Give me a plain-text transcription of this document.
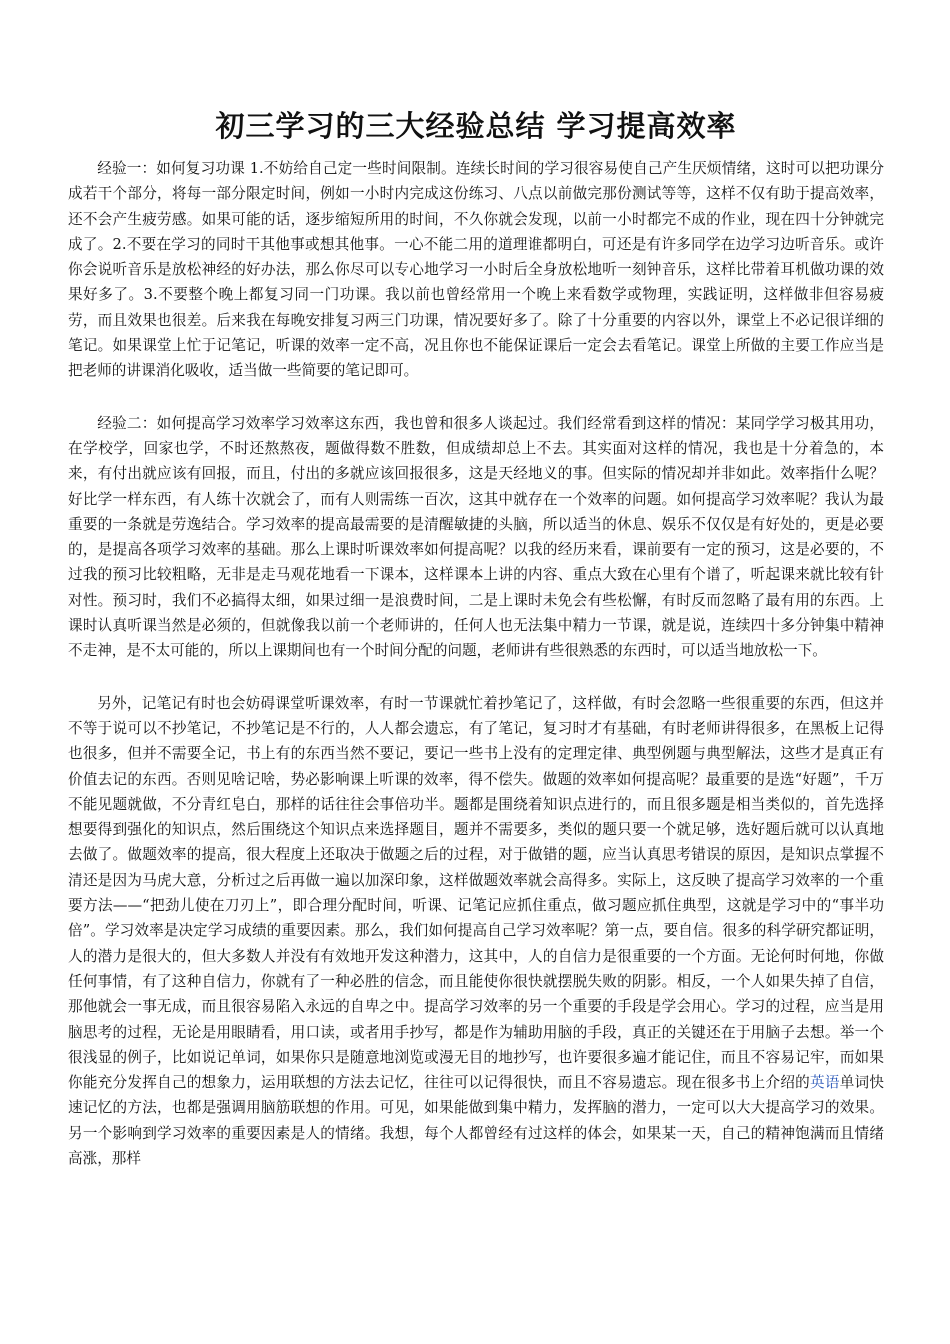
初三学习的三大经验总结 学习提高效率

经验一：如何复习功课 1.不妨给自己定一些时间限制。连续长时间的学习很容易使自己产生厌烦情绪，这时可以把功课分成若干个部分，将每一部分限定时间，例如一小时内完成这份练习、八点以前做完那份测试等等，这样不仅有助于提高效率，还不会产生疲劳感。如果可能的话，逐步缩短所用的时间，不久你就会发现，以前一小时都完不成的作业，现在四十分钟就完成了。2.不要在学习的同时干其他事或想其他事。一心不能二用的道理谁都明白，可还是有许多同学在边学习边听音乐。或许你会说听音乐是放松神经的好办法，那么你尽可以专心地学习一小时后全身放松地听一刻钟音乐，这样比带着耳机做功课的效果好多了。3.不要整个晚上都复习同一门功课。我以前也曾经常用一个晚上来看数学或物理，实践证明，这样做非但容易疲劳，而且效果也很差。后来我在每晚安排复习两三门功课，情况要好多了。除了十分重要的内容以外，课堂上不必记很详细的笔记。如果课堂上忙于记笔记，听课的效率一定不高，况且你也不能保证课后一定会去看笔记。课堂上所做的主要工作应当是把老师的讲课消化吸收，适当做一些简要的笔记即可。

经验二：如何提高学习效率学习效率这东西，我也曾和很多人谈起过。我们经常看到这样的情况：某同学学习极其用功，在学校学，回家也学，不时还熬熬夜，题做得数不胜数，但成绩却总上不去。其实面对这样的情况，我也是十分着急的，本来，有付出就应该有回报，而且，付出的多就应该回报很多，这是天经地义的事。但实际的情况却并非如此。效率指什么呢？好比学一样东西，有人练十次就会了，而有人则需练一百次，这其中就存在一个效率的问题。如何提高学习效率呢？我认为最重要的一条就是劳逸结合。学习效率的提高最需要的是清醒敏捷的头脑，所以适当的休息、娱乐不仅仅是有好处的，更是必要的，是提高各项学习效率的基础。那么上课时听课效率如何提高呢？以我的经历来看，课前要有一定的预习，这是必要的，不过我的预习比较粗略，无非是走马观花地看一下课本，这样课本上讲的内容、重点大致在心里有个谱了，听起课来就比较有针对性。预习时，我们不必搞得太细，如果过细一是浪费时间，二是上课时未免会有些松懈，有时反而忽略了最有用的东西。上课时认真听课当然是必须的，但就像我以前一个老师讲的，任何人也无法集中精力一节课，就是说，连续四十多分钟集中精神不走神，是不太可能的，所以上课期间也有一个时间分配的问题，老师讲有些很熟悉的东西时，可以适当地放松一下。

另外，记笔记有时也会妨碍课堂听课效率，有时一节课就忙着抄笔记了，这样做，有时会忽略一些很重要的东西，但这并不等于说可以不抄笔记，不抄笔记是不行的，人人都会遗忘，有了笔记，复习时才有基础，有时老师讲得很多，在黑板上记得也很多，但并不需要全记，书上有的东西当然不要记，要记一些书上没有的定理定律、典型例题与典型解法，这些才是真正有价值去记的东西。否则见啥记啥，势必影响课上听课的效率，得不偿失。做题的效率如何提高呢？最重要的是选“好题”，千万不能见题就做，不分青红皂白，那样的话往往会事倍功半。题都是围绕着知识点进行的，而且很多题是相当类似的，首先选择想要得到强化的知识点，然后围绕这个知识点来选择题目，题并不需要多，类似的题只要一个就足够，选好题后就可以认真地去做了。做题效率的提高，很大程度上还取决于做题之后的过程，对于做错的题，应当认真思考错误的原因，是知识点掌握不清还是因为马虎大意，分析过之后再做一遍以加深印象，这样做题效率就会高得多。实际上，这反映了提高学习效率的一个重要方法——“把劲儿使在刀刃上”，即合理分配时间，听课、记笔记应抓住重点，做习题应抓住典型，这就是学习中的“事半功倍”。学习效率是决定学习成绩的重要因素。那么，我们如何提高自己学习效率呢？第一点，要自信。很多的科学研究都证明，人的潜力是很大的，但大多数人并没有有效地开发这种潜力，这其中，人的自信力是很重要的一个方面。无论何时何地，你做任何事情，有了这种自信力，你就有了一种必胜的信念，而且能使你很快就摆脱失败的阴影。相反，一个人如果失掉了自信，那他就会一事无成，而且很容易陷入永远的自卑之中。提高学习效率的另一个重要的手段是学会用心。学习的过程，应当是用脑思考的过程，无论是用眼睛看，用口读，或者用手抄写，都是作为辅助用脑的手段，真正的关键还在于用脑子去想。举一个很浅显的例子，比如说记单词，如果你只是随意地浏览或漫无目的地抄写，也许要很多遍才能记住，而且不容易记牢，而如果你能充分发挥自己的想象力，运用联想的方法去记忆，往往可以记得很快，而且不容易遗忘。现在很多书上介绍的英语单词快速记忆的方法，也都是强调用脑筋联想的作用。可见，如果能做到集中精力，发挥脑的潜力，一定可以大大提高学习的效果。另一个影响到学习效率的重要因素是人的情绪。我想，每个人都曾经有过这样的体会，如果某一天，自己的精神饱满而且情绪高涨，那样
